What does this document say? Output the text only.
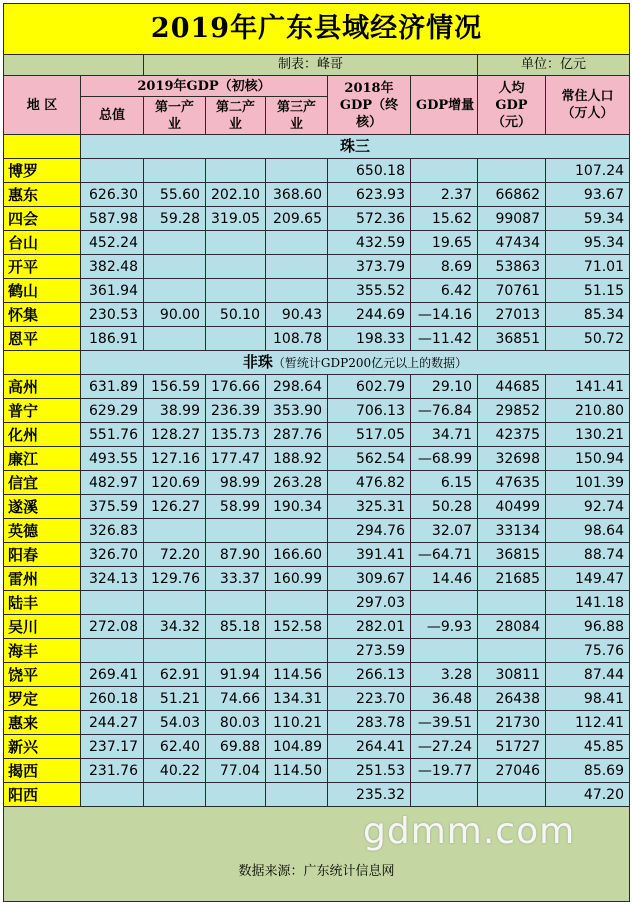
2019年广东县域经济情况								
		制表：峰哥					单位：亿元	
地 区	2019年GDP（初核）				2018年GDP（终核）	GDP增量	人均GDP（元）	常住人口（万人）
	总值	第一产业	第二产业	第三产业				
	珠三							
博罗					650.18			107.24
惠东	626.30	55.60	202.10	368.60	623.93	2.37	66862	93.67
四会	587.98	59.28	319.05	209.65	572.36	15.62	99087	59.34
台山	452.24				432.59	19.65	47434	95.34
开平	382.48				373.79	8.69	53863	71.01
鹤山	361.94				355.52	6.42	70761	51.15
怀集	230.53	90.00	50.10	90.43	244.69	—14.16	27013	85.34
恩平	186.91			108.78	198.33	—11.42	36851	50.72
	非珠（暂统计GDP200亿元以上的数据）							
高州	631.89	156.59	176.66	298.64	602.79	29.10	44685	141.41
普宁	629.29	38.99	236.39	353.90	706.13	—76.84	29852	210.80
化州	551.76	128.27	135.73	287.76	517.05	34.71	42375	130.21
廉江	493.55	127.16	177.47	188.92	562.54	—68.99	32698	150.94
信宜	482.97	120.69	98.99	263.28	476.82	6.15	47635	101.39
遂溪	375.59	126.27	58.99	190.34	325.31	50.28	40499	92.74
英德	326.83				294.76	32.07	33134	98.64
阳春	326.70	72.20	87.90	166.60	391.41	—64.71	36815	88.74
雷州	324.13	129.76	33.37	160.99	309.67	14.46	21685	149.47
陆丰					297.03			141.18
吴川	272.08	34.32	85.18	152.58	282.01	—9.93	28084	96.88
海丰					273.59			75.76
饶平	269.41	62.91	91.94	114.56	266.13	3.28	30811	87.44
罗定	260.18	51.21	74.66	134.31	223.70	36.48	26438	98.41
惠来	244.27	54.03	80.03	110.21	283.78	—39.51	21730	112.41
新兴	237.17	62.40	69.88	104.89	264.41	—27.24	51727	45.85
揭西	231.76	40.22	77.04	114.50	251.53	—19.77	27046	85.69
阳西					235.32			47.20
数据来源：广东统计信息网								
gdmm.com
